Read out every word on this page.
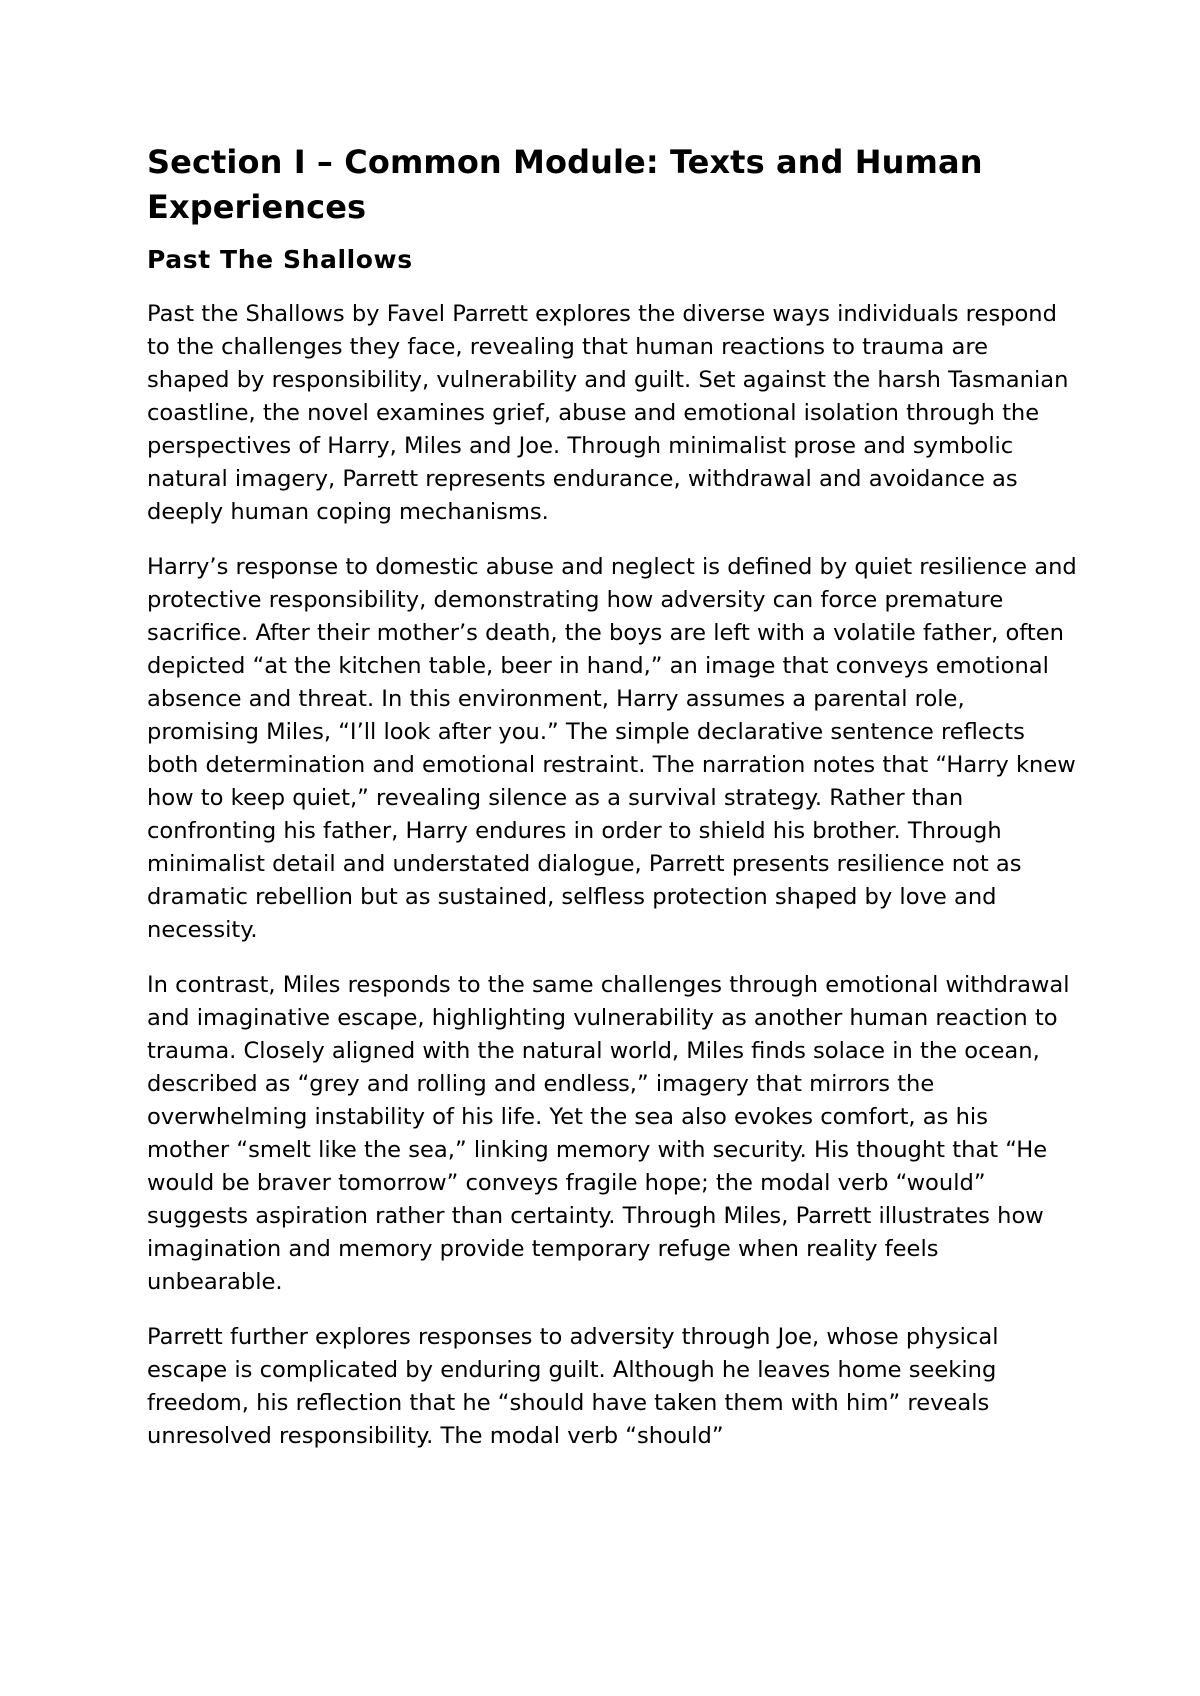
Section I – Common Module: Texts and Human Experiences
Past The Shallows

Past the Shallows by Favel Parrett explores the diverse ways individuals respond to the challenges they face, revealing that human reactions to trauma are shaped by responsibility, vulnerability and guilt. Set against the harsh Tasmanian coastline, the novel examines grief, abuse and emotional isolation through the perspectives of Harry, Miles and Joe. Through minimalist prose and symbolic natural imagery, Parrett represents endurance, withdrawal and avoidance as deeply human coping mechanisms.

Harry’s response to domestic abuse and neglect is defined by quiet resilience and protective responsibility, demonstrating how adversity can force premature sacrifice. After their mother’s death, the boys are left with a volatile father, often depicted “at the kitchen table, beer in hand,” an image that conveys emotional absence and threat. In this environment, Harry assumes a parental role, promising Miles, “I’ll look after you.” The simple declarative sentence reflects both determination and emotional restraint. The narration notes that “Harry knew how to keep quiet,” revealing silence as a survival strategy. Rather than confronting his father, Harry endures in order to shield his brother. Through minimalist detail and understated dialogue, Parrett presents resilience not as dramatic rebellion but as sustained, selfless protection shaped by love and necessity.

In contrast, Miles responds to the same challenges through emotional withdrawal and imaginative escape, highlighting vulnerability as another human reaction to trauma. Closely aligned with the natural world, Miles finds solace in the ocean, described as “grey and rolling and endless,” imagery that mirrors the overwhelming instability of his life. Yet the sea also evokes comfort, as his mother “smelt like the sea,” linking memory with security. His thought that “He would be braver tomorrow” conveys fragile hope; the modal verb “would” suggests aspiration rather than certainty. Through Miles, Parrett illustrates how imagination and memory provide temporary refuge when reality feels unbearable.

Parrett further explores responses to adversity through Joe, whose physical escape is complicated by enduring guilt. Although he leaves home seeking freedom, his reflection that he “should have taken them with him” reveals unresolved responsibility. The modal verb “should”
